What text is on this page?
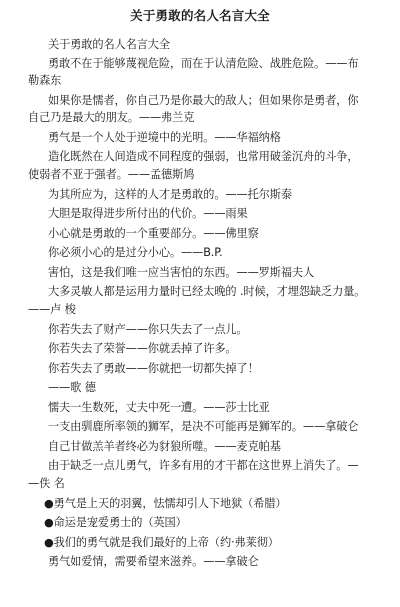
关于勇敢的名人名言大全
关于勇敢的名人名言大全
勇敢不在于能够蔑视危险，而在于认清危险、战胜危险。——布
勒森东
如果你是懦者，你自己乃是你最大的敌人；但如果你是勇者，你
自己乃是最大的朋友。——弗兰克
勇气是一个人处于逆境中的光明。——华福纳格
造化既然在人间造成不同程度的强弱，也常用破釜沉舟的斗争，
使弱者不亚于强者。——孟德斯鸠
为其所应为，这样的人才是勇敢的。——托尔斯泰
大胆是取得进步所付出的代价。——雨果
小心就是勇敢的一个重要部分。——佛里察
你必须小心的是过分小心。——B.P.
害怕，这是我们唯一应当害怕的东西。——罗斯福夫人
大多灵敏人都是运用力量时已经太晚的 .时候，才埋怨缺乏力量。
——卢 梭
你若失去了财产——你只失去了一点儿。
你若失去了荣誉——你就丢掉了许多。
你若失去了勇敢——你就把一切都失掉了！
——歌 德
懦夫一生数死，丈夫中死一遭。——莎士比亚
一支由驯鹿所率领的狮军，是决不可能再是狮军的。——拿破仑
自己甘做羔羊者终必为豺狼所噬。——麦克帕基
由于缺乏一点儿勇气，许多有用的才干都在这世界上消失了。—
—佚 名
●勇气是上天的羽翼，怯懦却引人下地狱（希腊）
●命运是宠爱勇士的（英国）
●我们的勇气就是我们最好的上帝（约·弗莱彻）
勇气如爱情，需要希望来滋养。——拿破仑
